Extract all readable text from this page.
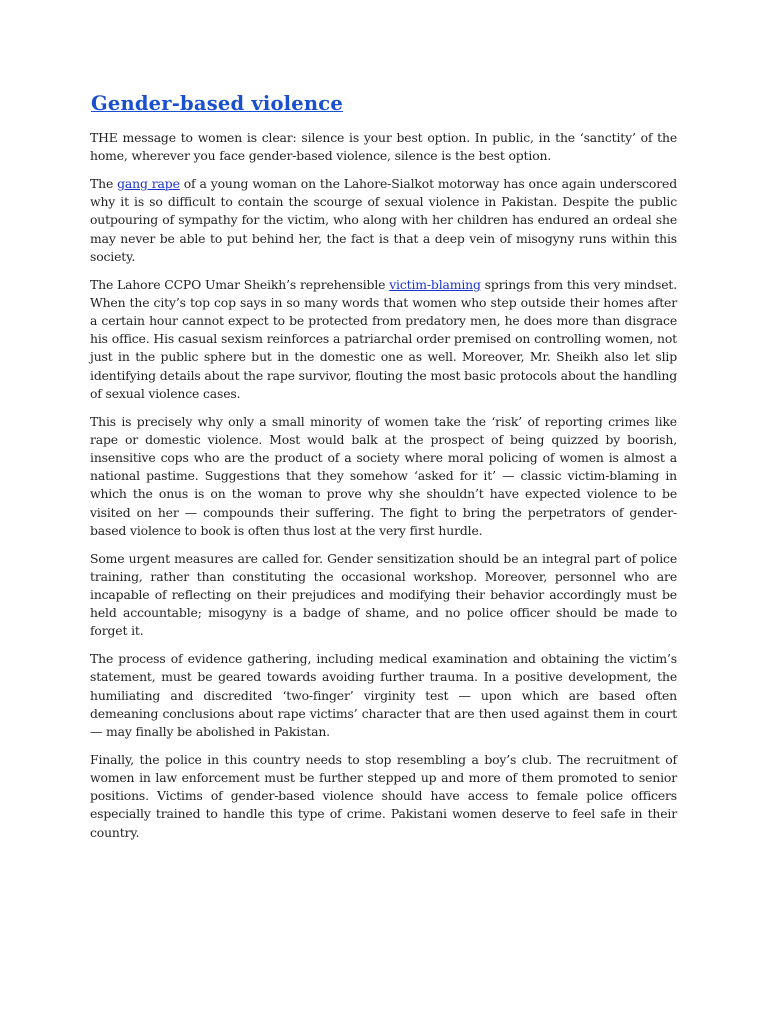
Gender-based violence

THE message to women is clear: silence is your best option. In public, in the ‘sanctity’ of the home, wherever you face gender-based violence, silence is the best option.

The gang rape of a young woman on the Lahore-Sialkot motorway has once again underscored why it is so difficult to contain the scourge of sexual violence in Pakistan. Despite the public outpouring of sympathy for the victim, who along with her children has endured an ordeal she may never be able to put behind her, the fact is that a deep vein of misogyny runs within this society.

The Lahore CCPO Umar Sheikh’s reprehensible victim-blaming springs from this very mindset. When the city’s top cop says in so many words that women who step outside their homes after a certain hour cannot expect to be protected from predatory men, he does more than disgrace his office. His casual sexism reinforces a patriarchal order premised on controlling women, not just in the public sphere but in the domestic one as well. Moreover, Mr. Sheikh also let slip identifying details about the rape survivor, flouting the most basic protocols about the handling of sexual violence cases.

This is precisely why only a small minority of women take the ‘risk’ of reporting crimes like rape or domestic violence. Most would balk at the prospect of being quizzed by boorish, insensitive cops who are the product of a society where moral policing of women is almost a national pastime. Suggestions that they somehow ‘asked for it’ — classic victim-blaming in which the onus is on the woman to prove why she shouldn’t have expected violence to be visited on her — compounds their suffering. The fight to bring the perpetrators of gender-based violence to book is often thus lost at the very first hurdle.

Some urgent measures are called for. Gender sensitization should be an integral part of police training, rather than constituting the occasional workshop. Moreover, personnel who are incapable of reflecting on their prejudices and modifying their behavior accordingly must be held accountable; misogyny is a badge of shame, and no police officer should be made to forget it.

The process of evidence gathering, including medical examination and obtaining the victim’s statement, must be geared towards avoiding further trauma. In a positive development, the humiliating and discredited ‘two-finger’ virginity test — upon which are based often demeaning conclusions about rape victims’ character that are then used against them in court — may finally be abolished in Pakistan.

Finally, the police in this country needs to stop resembling a boy’s club. The recruitment of women in law enforcement must be further stepped up and more of them promoted to senior positions. Victims of gender-based violence should have access to female police officers especially trained to handle this type of crime. Pakistani women deserve to feel safe in their country.
